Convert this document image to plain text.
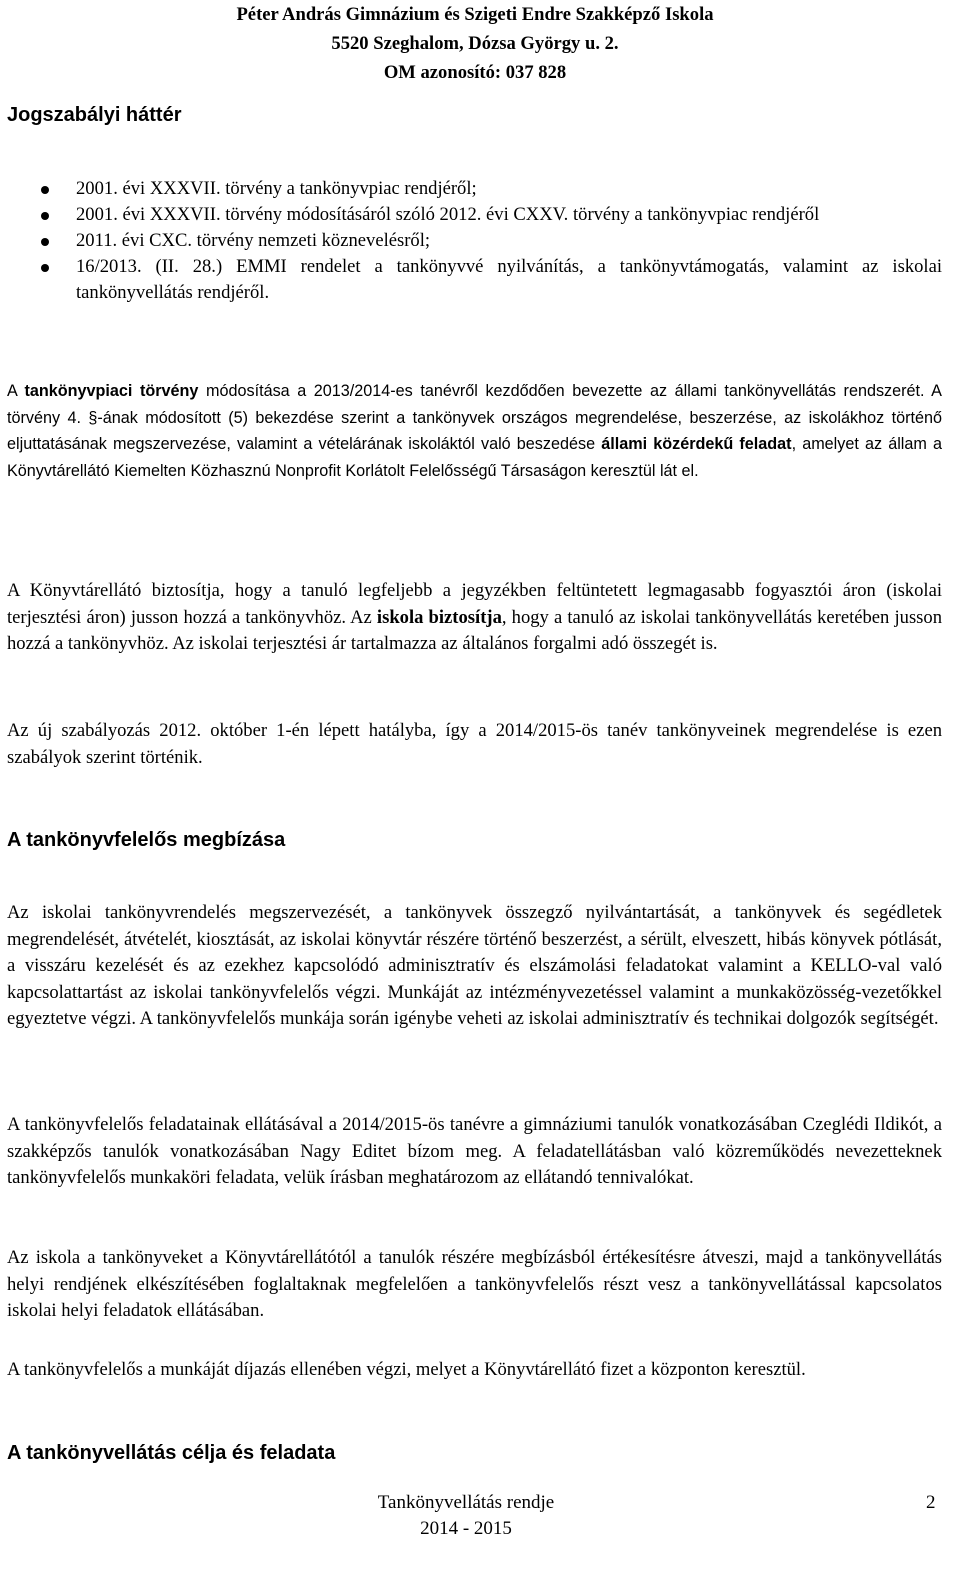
Péter András Gimnázium és Szigeti Endre Szakképző Iskola
5520 Szeghalom, Dózsa György u. 2.
OM azonosító: 037 828
Jogszabályi háttér
2001. évi XXXVII. törvény a tankönyvpiac rendjéről;
2001. évi XXXVII. törvény módosításáról szóló 2012. évi CXXV. törvény a tankönyvpiac rendjéről
2011. évi CXC. törvény nemzeti köznevelésről;
16/2013. (II. 28.) EMMI rendelet a tankönyvvé nyilvánítás, a tankönyvtámogatás, valamint az iskolai tankönyvellátás rendjéről.

A tankönyvpiaci törvény módosítása a 2013/2014-es tanévről kezdődően bevezette az állami tankönyvellátás rendszerét. A törvény 4. §-ának módosított (5) bekezdése szerint a tankönyvek országos megrendelése, beszerzése, az iskolákhoz történő eljuttatásának megszervezése, valamint a vételárának iskoláktól való beszedése állami közérdekű feladat, amelyet az állam a Könyvtárellátó Kiemelten Közhasznú Nonprofit Korlátolt Felelősségű Társaságon keresztül lát el.

A Könyvtárellátó biztosítja, hogy a tanuló legfeljebb a jegyzékben feltüntetett legmagasabb fogyasztói áron (iskolai terjesztési áron) jusson hozzá a tankönyvhöz. Az iskola biztosítja, hogy a tanuló az iskolai tankönyvellátás keretében jusson hozzá a tankönyvhöz. Az iskolai terjesztési ár tartalmazza az általános forgalmi adó összegét is.

Az új szabályozás 2012. október 1-én lépett hatályba, így a 2014/2015-ös tanév tankönyveinek megrendelése is ezen szabályok szerint történik.

A tankönyvfelelős megbízása

Az iskolai tankönyvrendelés megszervezését, a tankönyvek összegző nyilvántartását, a tankönyvek és segédletek megrendelését, átvételét, kiosztását, az iskolai könyvtár részére történő beszerzést, a sérült, elveszett, hibás könyvek pótlását, a visszáru kezelését és az ezekhez kapcsolódó adminisztratív és elszámolási feladatokat valamint a KELLO-val való kapcsolattartást az iskolai tankönyvfelelős végzi. Munkáját az intézményvezetéssel valamint a munkaközösség-vezetőkkel egyeztetve végzi. A tankönyvfelelős munkája során igénybe veheti az iskolai adminisztratív és technikai dolgozók segítségét.

A tankönyvfelelős feladatainak ellátásával a 2014/2015-ös tanévre a gimnáziumi tanulók vonatkozásában Czeglédi Ildikót, a szakképzős tanulók vonatkozásában Nagy Editet bízom meg. A feladatellátásban való közreműködés nevezetteknek tankönyvfelelős munkaköri feladata, velük írásban meghatározom az ellátandó tennivalókat.

Az iskola a tankönyveket a Könyvtárellátótól a tanulók részére megbízásból értékesítésre átveszi, majd a tankönyvellátás helyi rendjének elkészítésében foglaltaknak megfelelően a tankönyvfelelős részt vesz a tankönyvellátással kapcsolatos iskolai helyi feladatok ellátásában.

A tankönyvfelelős a munkáját díjazás ellenében végzi, melyet a Könyvtárellátó fizet a központon keresztül.

A tankönyvellátás célja és feladata
Tankönyvellátás rendje
2014 - 2015
2
